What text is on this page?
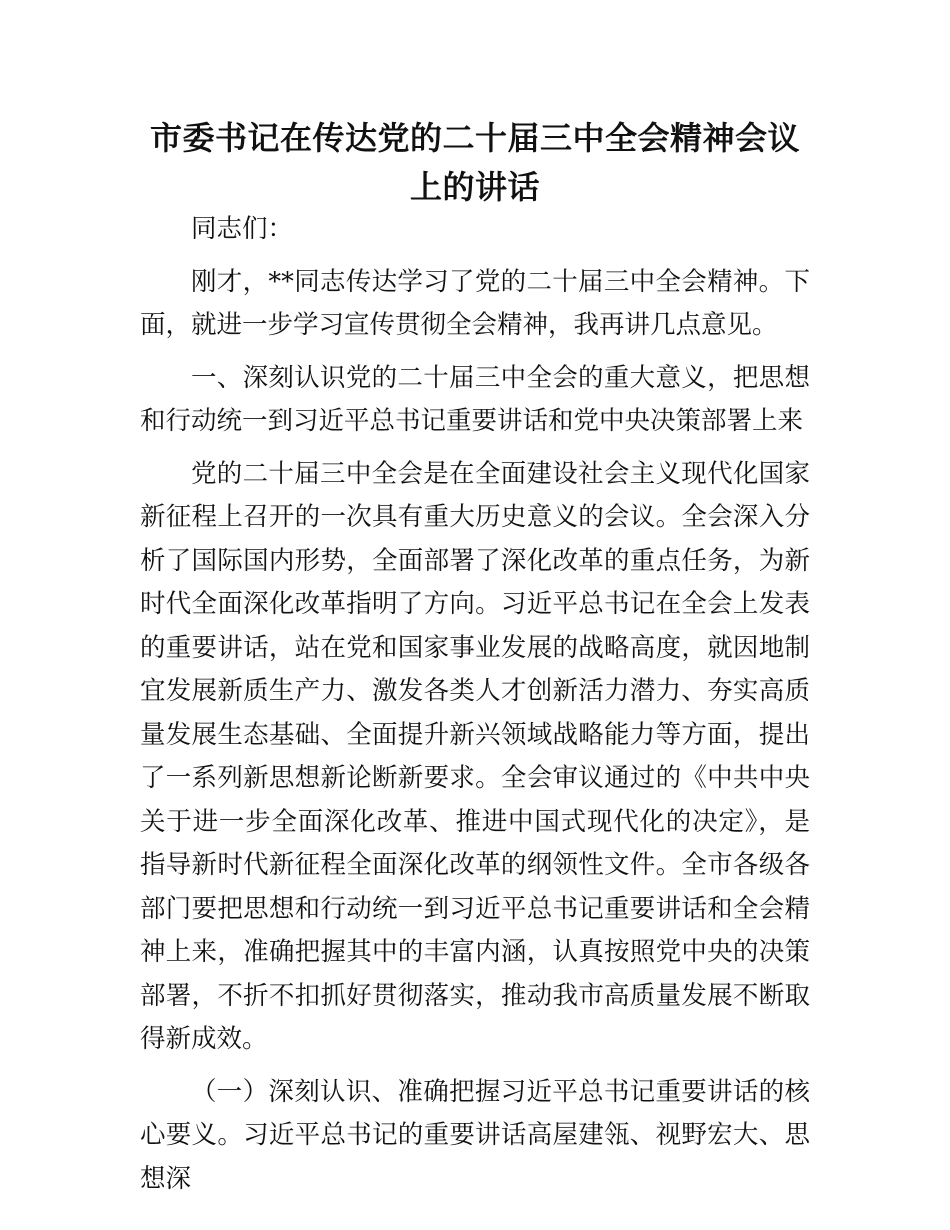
市委书记在传达党的二十届三中全会精神会议上的讲话

同志们：

刚才，**同志传达学习了党的二十届三中全会精神。下面，就进一步学习宣传贯彻全会精神，我再讲几点意见。

一、深刻认识党的二十届三中全会的重大意义，把思想和行动统一到习近平总书记重要讲话和党中央决策部署上来

党的二十届三中全会是在全面建设社会主义现代化国家新征程上召开的一次具有重大历史意义的会议。全会深入分析了国际国内形势，全面部署了深化改革的重点任务，为新时代全面深化改革指明了方向。习近平总书记在全会上发表的重要讲话，站在党和国家事业发展的战略高度，就因地制宜发展新质生产力、激发各类人才创新活力潜力、夯实高质量发展生态基础、全面提升新兴领域战略能力等方面，提出了一系列新思想新论断新要求。全会审议通过的《中共中央关于进一步全面深化改革、推进中国式现代化的决定》，是指导新时代新征程全面深化改革的纲领性文件。全市各级各部门要把思想和行动统一到习近平总书记重要讲话和全会精神上来，准确把握其中的丰富内涵，认真按照党中央的决策部署，不折不扣抓好贯彻落实，推动我市高质量发展不断取得新成效。

（一）深刻认识、准确把握习近平总书记重要讲话的核心要义。习近平总书记的重要讲话高屋建瓴、视野宏大、思想深
